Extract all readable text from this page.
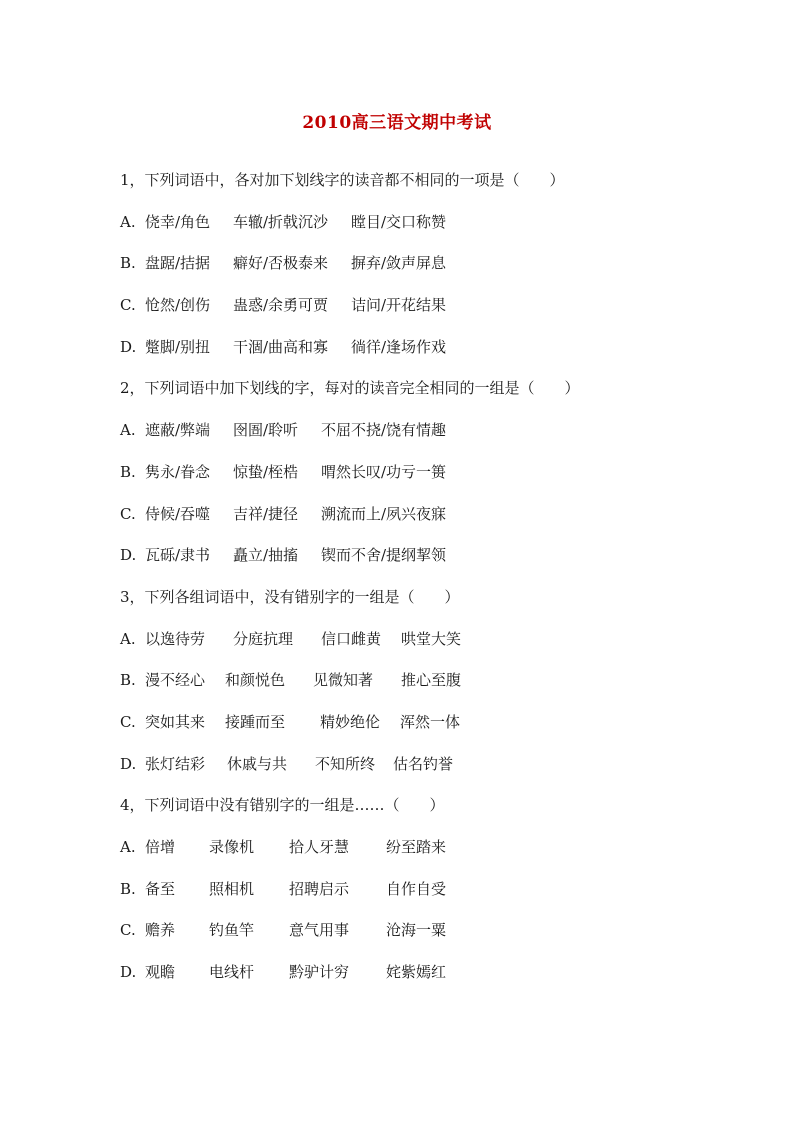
2010高三语文期中考试
1，下列词语中，各对加下划线字的读音都不相同的一项是（　　）
A. 侥幸/角色 车辙/折戟沉沙 瞠目/交口称赞
B. 盘踞/拮据 癖好/否极泰来 摒弃/敛声屏息
C. 怆然/创伤 蛊惑/余勇可贾 诘问/开花结果
D. 蹩脚/别扭 干涸/曲高和寡 徜徉/逢场作戏
2，下列词语中加下划线的字，每对的读音完全相同的一组是（　　）
A. 遮蔽/弊端 囹圄/聆听 不屈不挠/饶有情趣
B. 隽永/眷念 惊蛰/桎梏 喟然长叹/功亏一篑
C. 侍候/吞噬 吉祥/捷径 溯流而上/夙兴夜寐
D. 瓦砾/隶书 矗立/抽搐 锲而不舍/提纲挈领
3，下列各组词语中，没有错别字的一组是（　　）
A. 以逸待劳 分庭抗理 信口雌黄 哄堂大笑
B. 漫不经心 和颜悦色 见微知著 推心至腹
C. 突如其来 接踵而至 精妙绝伦 浑然一体
D. 张灯结彩 休戚与共 不知所终 估名钓誉
4，下列词语中没有错别字的一组是……（　　）
A. 倍增 录像机 拾人牙慧 纷至踏来
B. 备至 照相机 招聘启示 自作自受
C. 赡养 钓鱼竿 意气用事 沧海一粟
D. 观瞻 电线杆 黔驴计穷 姹紫嫣红
